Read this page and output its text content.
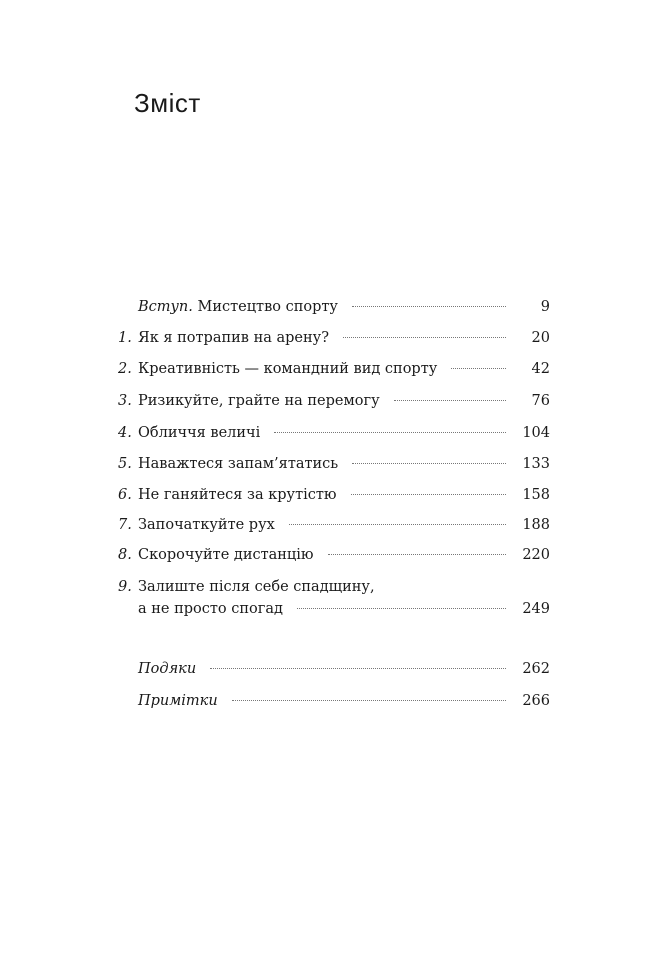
Зміст
Вступ. Мистецтво спорту	9
1. Як я потрапив на арену?	20
2. Креативність — командний вид спорту	42
3. Ризикуйте, грайте на перемогу	76
4. Обличчя величі	104
5. Наважтеся запам’ятатись	133
6. Не ганяйтеся за крутістю	158
7. Започаткуйте рух	188
8. Скорочуйте дистанцію	220
9. Залиште після себе спадщину,
а не просто спогад	249
Подяки	262
Примітки	266
